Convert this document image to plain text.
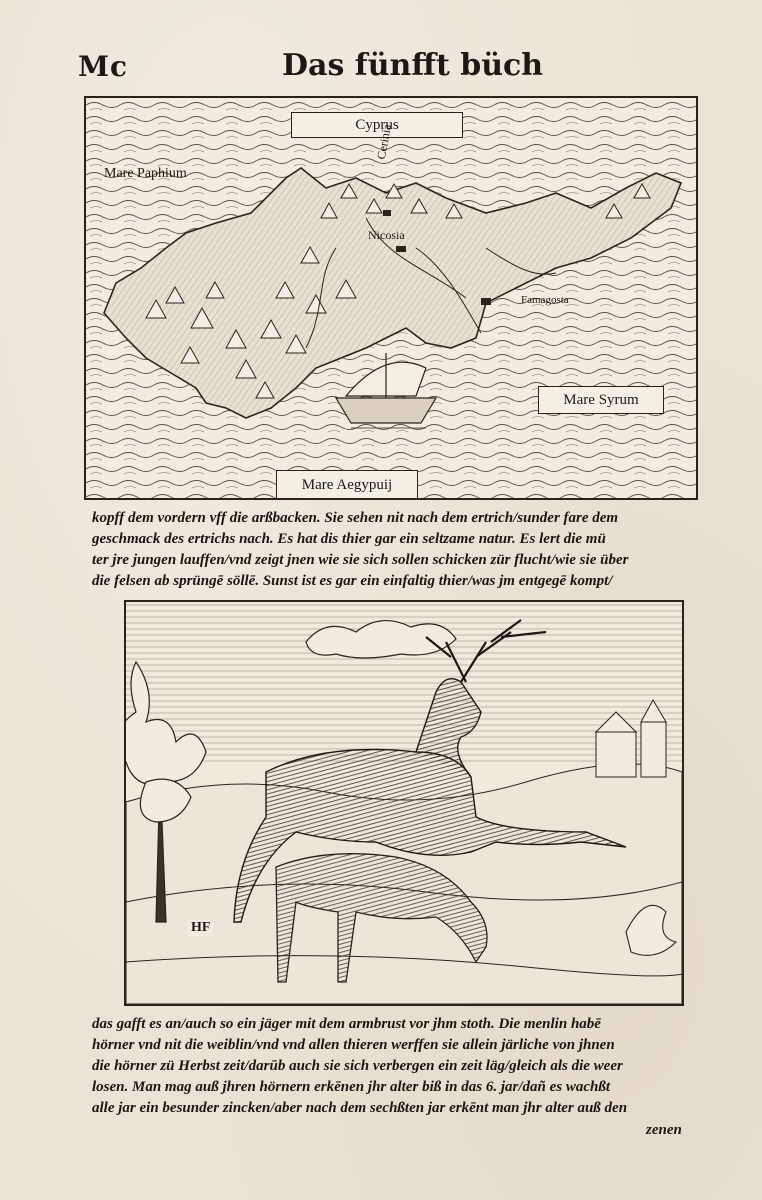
Mc	Das fünfft büch
Cyprus
Mare Paphium
Cerinia
Nicosia
Famagosta
Mare Syrum
Mare Aegypuij
kopff dem vordern vff die arßbacken. Sie sehen nit nach dem ertrich/sunder fare dem
geschmack des ertrichs nach. Es hat dis thier gar ein seltzame natur. Es lert die mü
ter jre jungen lauffen/vnd zeigt jnen wie sie sich sollen schicken zür flucht/wie sie über
die felsen ab sprüngē söllē. Sunst ist es gar ein einfaltig thier/was jm entgegē kompt/
HF
das gafft es an/auch so ein jäger mit dem armbrust vor jhm stoth. Die menlin habē
hörner vnd nit die weiblin/vnd vnd allen thieren werffen sie allein järliche von jhnen
die hörner zü Herbst zeit/darūb auch sie sich verbergen ein zeit läg/gleich als die weer
losen. Man mag auß jhren hörnern erkēnen jhr alter biß in das 6. jar/dañ es wachßt
alle jar ein besunder zincken/aber nach dem sechßten jar erkēnt man jhr alter auß den
zenen
